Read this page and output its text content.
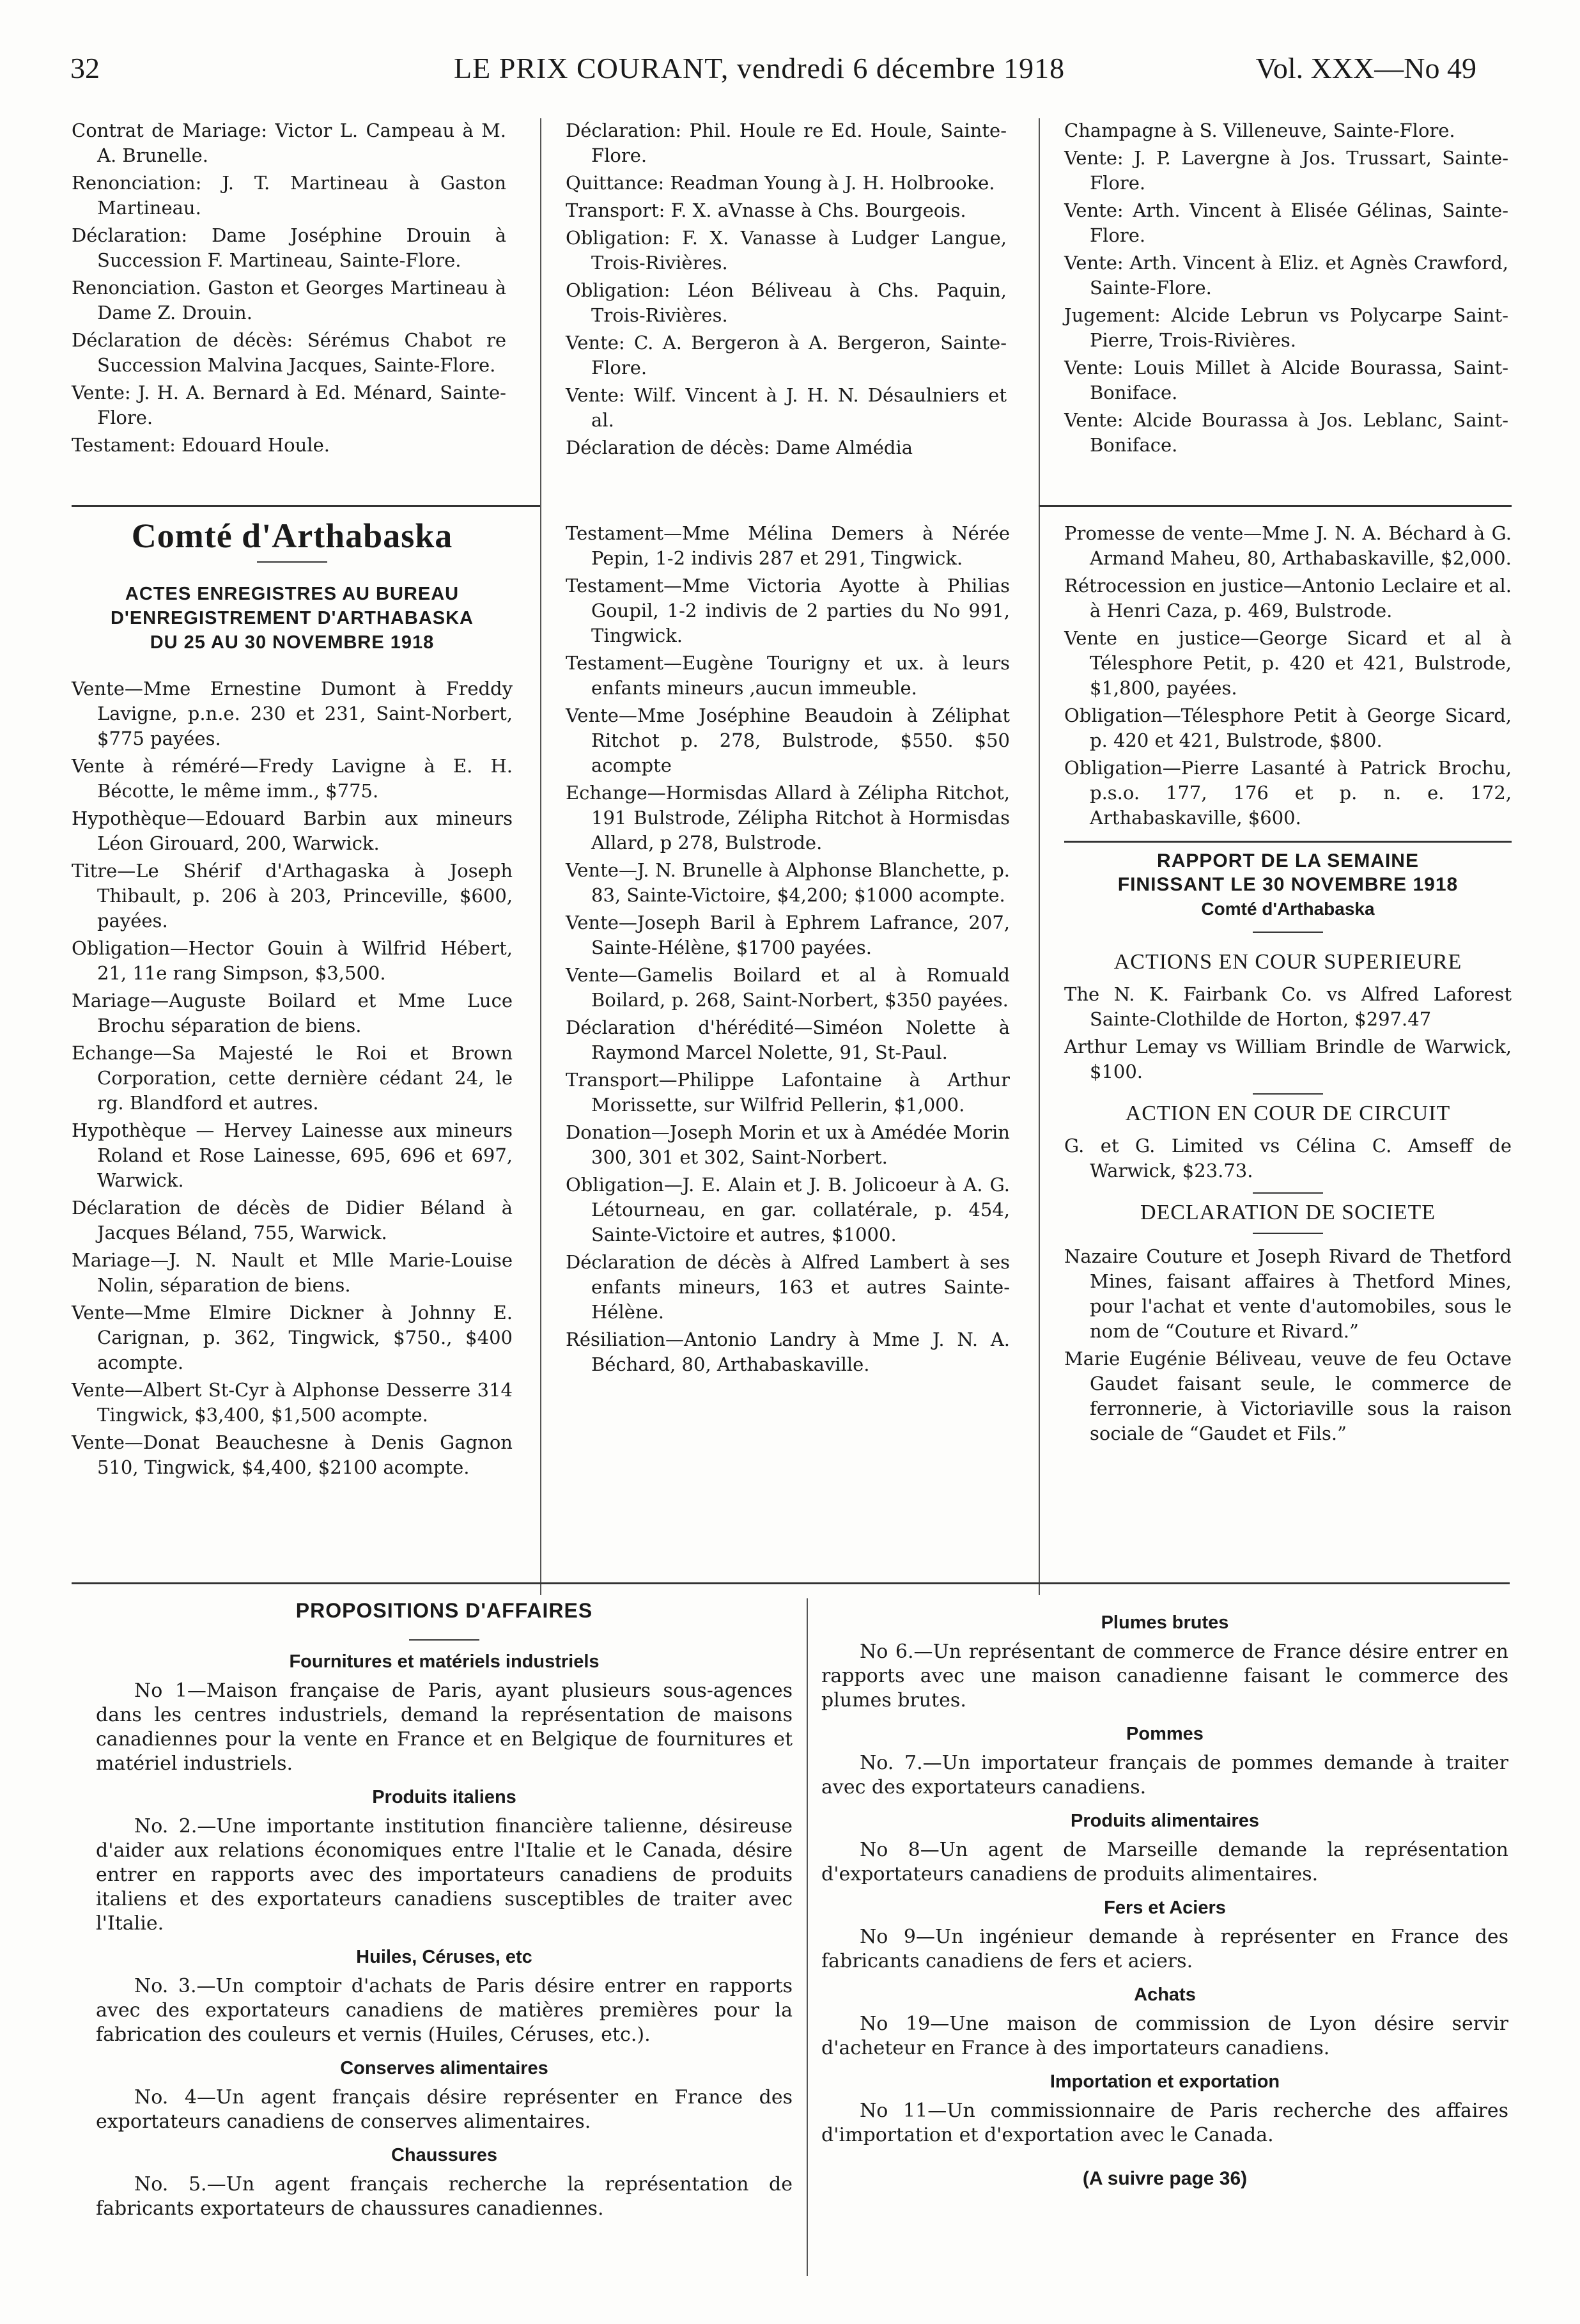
32	LE PRIX COURANT, vendredi 6 décembre 1918	Vol. XXX—No 49

Contrat de Mariage: Victor L. Campeau à M. A. Brunelle.

Renonciation: J. T. Martineau à Gaston Martineau.

Déclaration: Dame Joséphine Drouin à Succession F. Martineau, Sainte-Flore.

Renonciation. Gaston et Georges Martineau à Dame Z. Drouin.

Déclaration de décès: Sérémus Chabot re Succession Malvina Jacques, Sainte-Flore.

Vente: J. H. A. Bernard à Ed. Ménard, Sainte-Flore.

Testament: Edouard Houle.

Déclaration: Phil. Houle re Ed. Houle, Sainte-Flore.

Quittance: Readman Young à J. H. Holbrooke.

Transport: F. X. aVnasse à Chs. Bourgeois.

Obligation: F. X. Vanasse à Ludger Langue, Trois-Rivières.

Obligation: Léon Béliveau à Chs. Paquin, Trois-Rivières.

Vente: C. A. Bergeron à A. Bergeron, Sainte-Flore.

Vente: Wilf. Vincent à J. H. N. Désaulniers et al.

Déclaration de décès: Dame Almédia

Champagne à S. Villeneuve, Sainte-Flore.

Vente: J. P. Lavergne à Jos. Trussart, Sainte-Flore.

Vente: Arth. Vincent à Elisée Gélinas, Sainte-Flore.

Vente: Arth. Vincent à Eliz. et Agnès Crawford, Sainte-Flore.

Jugement: Alcide Lebrun vs Polycarpe Saint-Pierre, Trois-Rivières.

Vente: Louis Millet à Alcide Bourassa, Saint-Boniface.

Vente: Alcide Bourassa à Jos. Leblanc, Saint-Boniface.

Comté d'Arthabaska
ACTES ENREGISTRES AU BUREAU D'ENREGISTREMENT D'ARTHABASKA DU 25 AU 30 NOVEMBRE 1918

Vente—Mme Ernestine Dumont à Freddy Lavigne, p.n.e. 230 et 231, Saint-Norbert, $775 payées.

Vente à réméré—Fredy Lavigne à E. H. Bécotte, le même imm., $775.

Hypothèque—Edouard Barbin aux mineurs Léon Girouard, 200, Warwick.

Titre—Le Shérif d'Arthagaska à Joseph Thibault, p. 206 à 203, Princeville, $600, payées.

Obligation—Hector Gouin à Wilfrid Hébert, 21, 11e rang Simpson, $3,500.

Mariage—Auguste Boilard et Mme Luce Brochu séparation de biens.

Echange—Sa Majesté le Roi et Brown Corporation, cette dernière cédant 24, le rg. Blandford et autres.

Hypothèque — Hervey Lainesse aux mineurs Roland et Rose Lainesse, 695, 696 et 697, Warwick.

Déclaration de décès de Didier Béland à Jacques Béland, 755, Warwick.

Mariage—J. N. Nault et Mlle Marie-Louise Nolin, séparation de biens.

Vente—Mme Elmire Dickner à Johnny E. Carignan, p. 362, Tingwick, $750., $400 acompte.

Vente—Albert St-Cyr à Alphonse Desserre 314 Tingwick, $3,400, $1,500 acompte.

Vente—Donat Beauchesne à Denis Gagnon 510, Tingwick, $4,400, $2100 acompte.

Testament—Mme Mélina Demers à Nérée Pepin, 1-2 indivis 287 et 291, Tingwick.

Testament—Mme Victoria Ayotte à Philias Goupil, 1-2 indivis de 2 parties du No 991, Tingwick.

Testament—Eugène Tourigny et ux. à leurs enfants mineurs ,aucun immeuble.

Vente—Mme Joséphine Beaudoin à Zéliphat Ritchot p. 278, Bulstrode, $550. $50 acompte

Echange—Hormisdas Allard à Zélipha Ritchot, 191 Bulstrode, Zélipha Ritchot à Hormisdas Allard, p 278, Bulstrode.

Vente—J. N. Brunelle à Alphonse Blanchette, p. 83, Sainte-Victoire, $4,200; $1000 acompte.

Vente—Joseph Baril à Ephrem Lafrance, 207, Sainte-Hélène, $1700 payées.

Vente—Gamelis Boilard et al à Romuald Boilard, p. 268, Saint-Norbert, $350 payées.

Déclaration d'hérédité—Siméon Nolette à Raymond Marcel Nolette, 91, St-Paul.

Transport—Philippe Lafontaine à Arthur Morissette, sur Wilfrid Pellerin, $1,000.

Donation—Joseph Morin et ux à Amédée Morin 300, 301 et 302, Saint-Norbert.

Obligation—J. E. Alain et J. B. Jolicoeur à A. G. Létourneau, en gar. collatérale, p. 454, Sainte-Victoire et autres, $1000.

Déclaration de décès à Alfred Lambert à ses enfants mineurs, 163 et autres Sainte-Hélène.

Résiliation—Antonio Landry à Mme J. N. A. Béchard, 80, Arthabaskaville.

Promesse de vente—Mme J. N. A. Béchard à G. Armand Maheu, 80, Arthabaskaville, $2,000.

Rétrocession en justice—Antonio Leclaire et al. à Henri Caza, p. 469, Bulstrode.

Vente en justice—George Sicard et al à Télesphore Petit, p. 420 et 421, Bulstrode, $1,800, payées.

Obligation—Télesphore Petit à George Sicard, p. 420 et 421, Bulstrode, $800.

Obligation—Pierre Lasanté à Patrick Brochu, p.s.o. 177, 176 et p. n. e. 172, Arthabaskaville, $600.

RAPPORT DE LA SEMAINE FINISSANT LE 30 NOVEMBRE 1918
Comté d'Arthabaska
ACTIONS EN COUR SUPERIEURE

The N. K. Fairbank Co. vs Alfred Laforest Sainte-Clothilde de Horton, $297.47

Arthur Lemay vs William Brindle de Warwick, $100.

ACTION EN COUR DE CIRCUIT

G. et G. Limited vs Célina C. Amseff de Warwick, $23.73.

DECLARATION DE SOCIETE

Nazaire Couture et Joseph Rivard de Thetford Mines, faisant affaires à Thetford Mines, pour l'achat et vente d'automobiles, sous le nom de “Couture et Rivard.”

Marie Eugénie Béliveau, veuve de feu Octave Gaudet faisant seule, le commerce de ferronnerie, à Victoriaville sous la raison sociale de “Gaudet et Fils.”

PROPOSITIONS D'AFFAIRES
Fournitures et matériels industriels

No 1—Maison française de Paris, ayant plusieurs sous-agences dans les centres industriels, demand la représentation de maisons canadiennes pour la vente en France et en Belgique de fournitures et matériel industriels.

Produits italiens

No. 2.—Une importante institution financière talienne, désireuse d'aider aux relations économiques entre l'Italie et le Canada, désire entrer en rapports avec des importateurs canadiens de produits italiens et des exportateurs canadiens susceptibles de traiter avec l'Italie.

Huiles, Céruses, etc

No. 3.—Un comptoir d'achats de Paris désire entrer en rapports avec des exportateurs canadiens de matières premières pour la fabrication des couleurs et vernis (Huiles, Céruses, etc.).

Conserves alimentaires

No. 4—Un agent français désire représenter en France des exportateurs canadiens de conserves alimentaires.

Chaussures

No. 5.—Un agent français recherche la représentation de fabricants exportateurs de chaussures canadiennes.

Plumes brutes

No 6.—Un représentant de commerce de France désire entrer en rapports avec une maison canadienne faisant le commerce des plumes brutes.

Pommes

No. 7.—Un importateur français de pommes demande à traiter avec des exportateurs canadiens.

Produits alimentaires

No 8—Un agent de Marseille demande la représentation d'exportateurs canadiens de produits alimentaires.

Fers et Aciers

No 9—Un ingénieur demande à représenter en France des fabricants canadiens de fers et aciers.

Achats

No 19—Une maison de commission de Lyon désire servir d'acheteur en France à des importateurs canadiens.

Importation et exportation

No 11—Un commissionnaire de Paris recherche des affaires d'importation et d'exportation avec le Canada.

(A suivre page 36)
